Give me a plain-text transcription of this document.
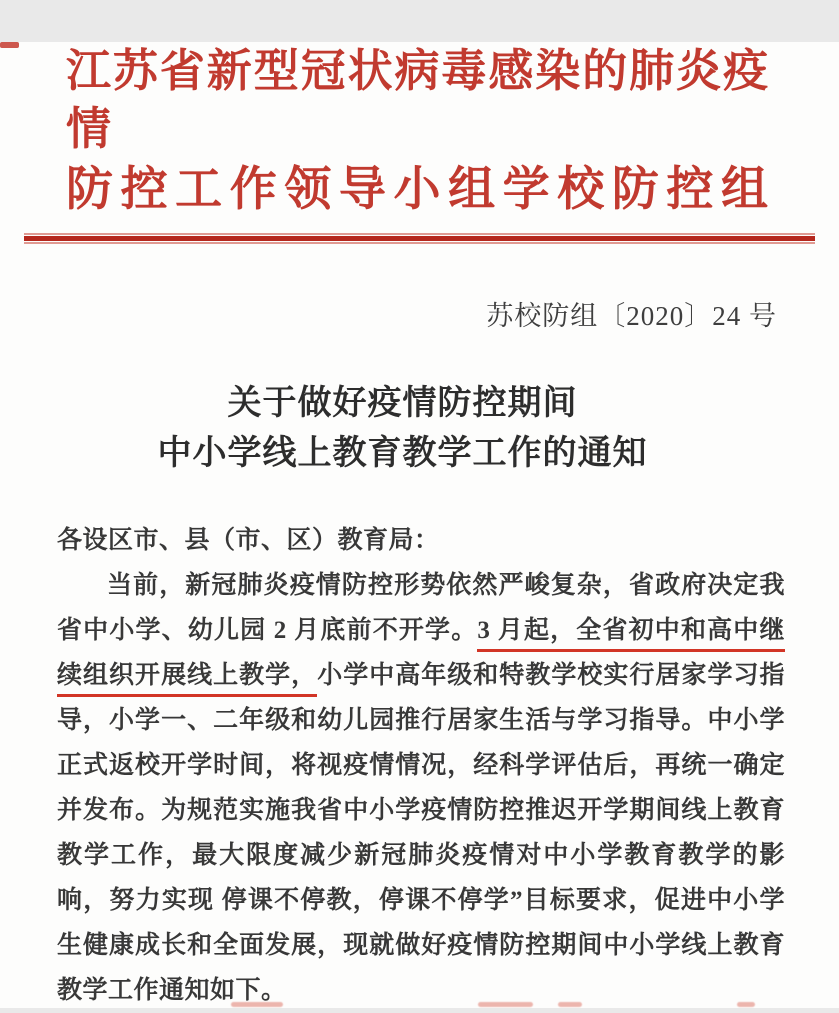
江苏省新型冠状病毒感染的肺炎疫情
防控工作领导小组学校防控组
苏校防组〔2020〕24 号
关于做好疫情防控期间
中小学线上教育教学工作的通知
各设区市、县（市、区）教育局：
当前，新冠肺炎疫情防控形势依然严峻复杂，省政府决定我
省中小学、幼儿园 2 月底前不开学。3 月起，全省初中和高中继
续组织开展线上教学，小学中高年级和特教学校实行居家学习指
导，小学一、二年级和幼儿园推行居家生活与学习指导。中小学
正式返校开学时间，将视疫情情况，经科学评估后，再统一确定
并发布。为规范实施我省中小学疫情防控推迟开学期间线上教育
教学工作，最大限度减少新冠肺炎疫情对中小学教育教学的影
响，努力实现 停课不停教，停课不停学”目标要求，促进中小学
生健康成长和全面发展，现就做好疫情防控期间中小学线上教育
教学工作通知如下。
